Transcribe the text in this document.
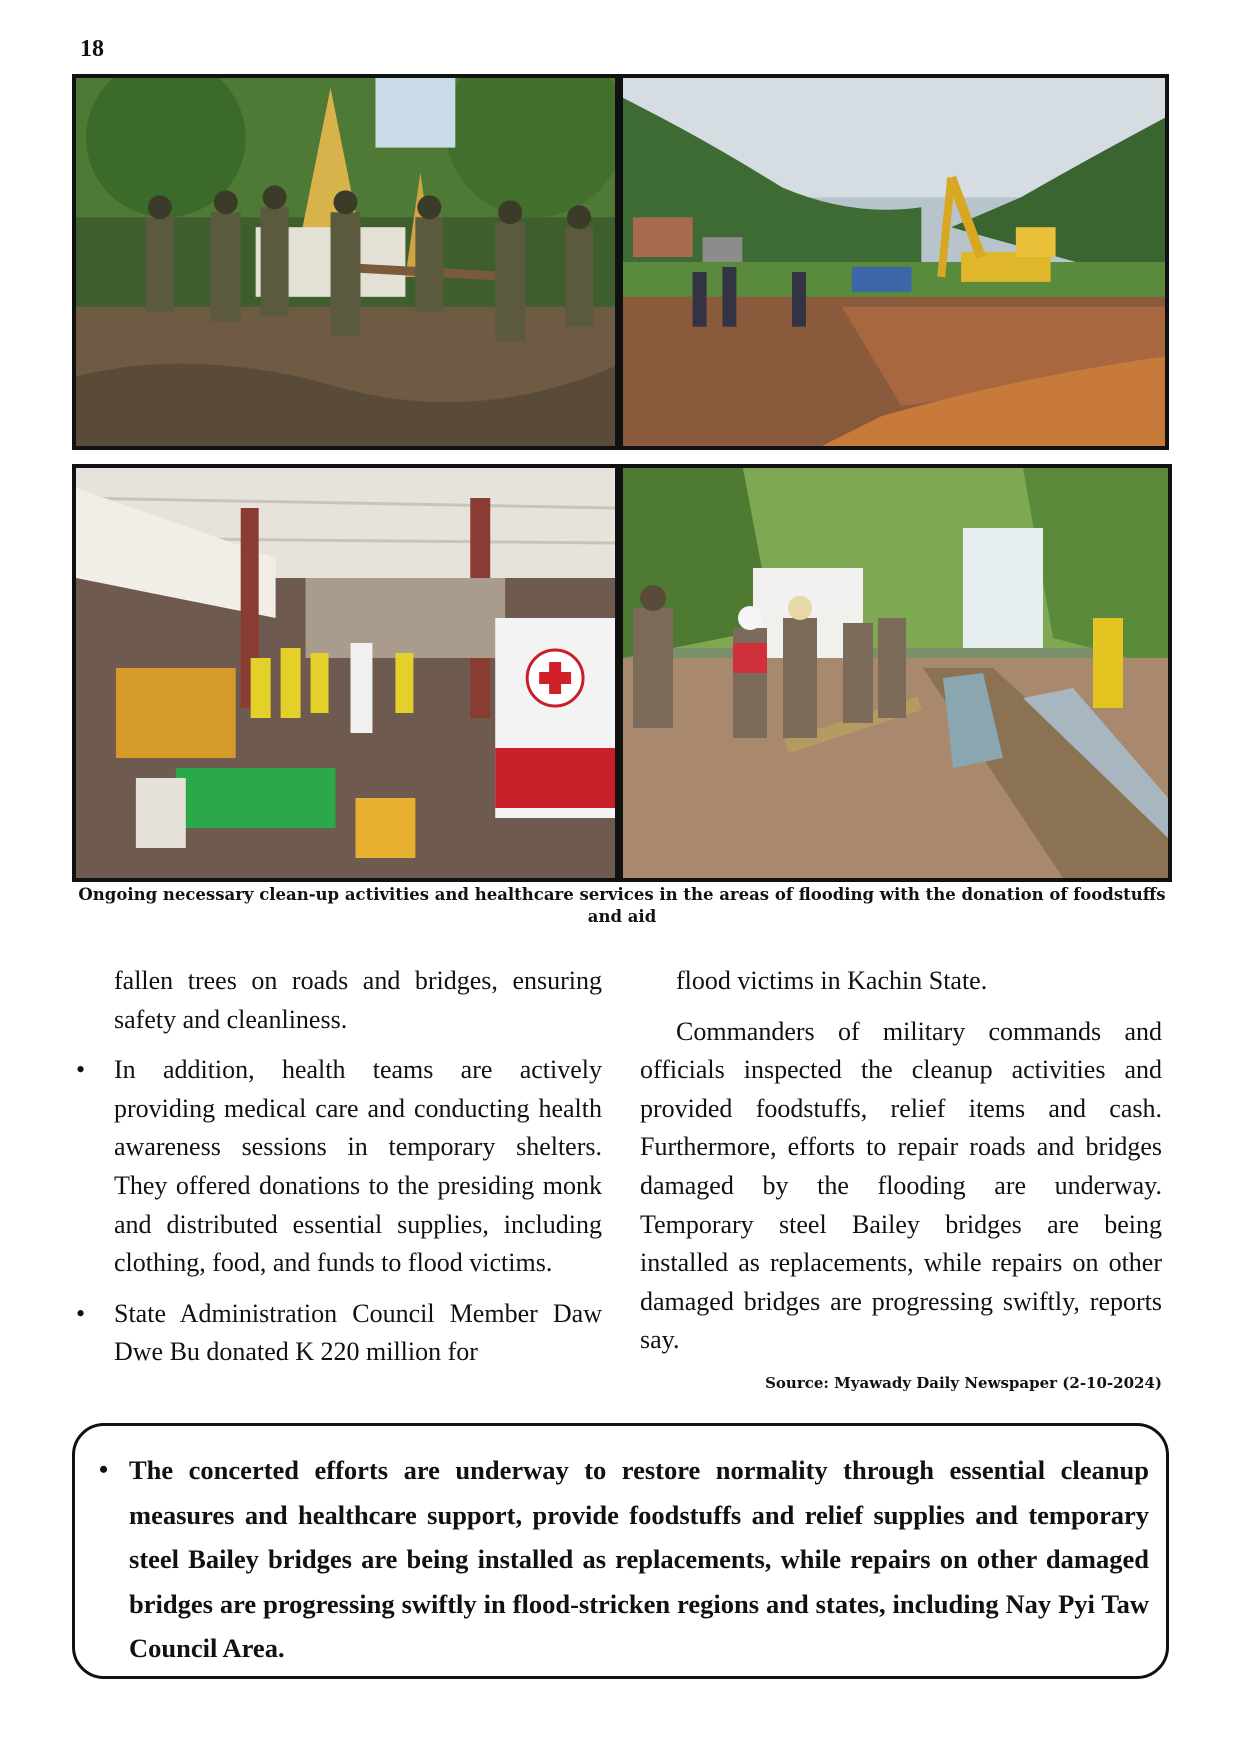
18
Ongoing necessary clean-up activities and healthcare services in the areas of flooding with the donation of foodstuffs and aid

fallen trees on roads and bridges, ensuring safety and cleanliness.

• In addition, health teams are actively providing medical care and conducting health awareness sessions in temporary shelters. They offered donations to the presiding monk and distributed essential supplies, including clothing, food, and funds to flood victims.

• State Administration Council Member Daw Dwe Bu donated K 220 million for

flood victims in Kachin State.

Commanders of military commands and officials inspected the cleanup activities and provided foodstuffs, relief items and cash. Furthermore, efforts to repair roads and bridges damaged by the flooding are underway. Temporary steel Bailey bridges are being installed as replacements, while repairs on other damaged bridges are progressing swiftly, reports say.

Source: Myawady Daily Newspaper (2-10-2024)

• The concerted efforts are underway to restore normality through essential cleanup measures and healthcare support, provide foodstuffs and relief supplies and temporary steel Bailey bridges are being installed as replacements, while repairs on other damaged bridges are progressing swiftly in flood-stricken regions and states, including Nay Pyi Taw Council Area.
